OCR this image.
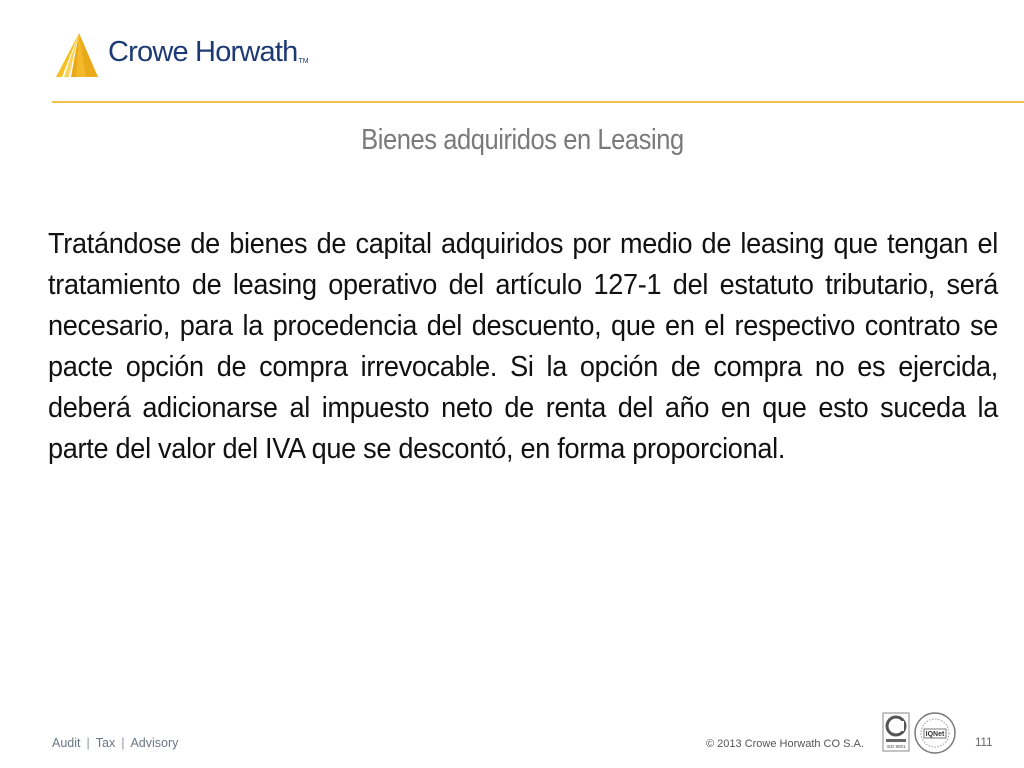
Crowe HorwathTM
Bienes adquiridos en Leasing
Tratándose de bienes de capital adquiridos por medio de leasing que tengan el tratamiento de leasing operativo del artículo 127-1 del estatuto tributario, será necesario, para la procedencia del descuento, que en el respectivo contrato se pacte opción de compra irrevocable. Si la opción de compra no es ejercida, deberá adicionarse al impuesto neto de renta del año en que esto suceda la parte del valor del IVA que se descontó, en forma proporcional.
Audit | Tax | Advisory	ISO 9001
IQNet
© 2013 Crowe Horwath CO S.A.	111
